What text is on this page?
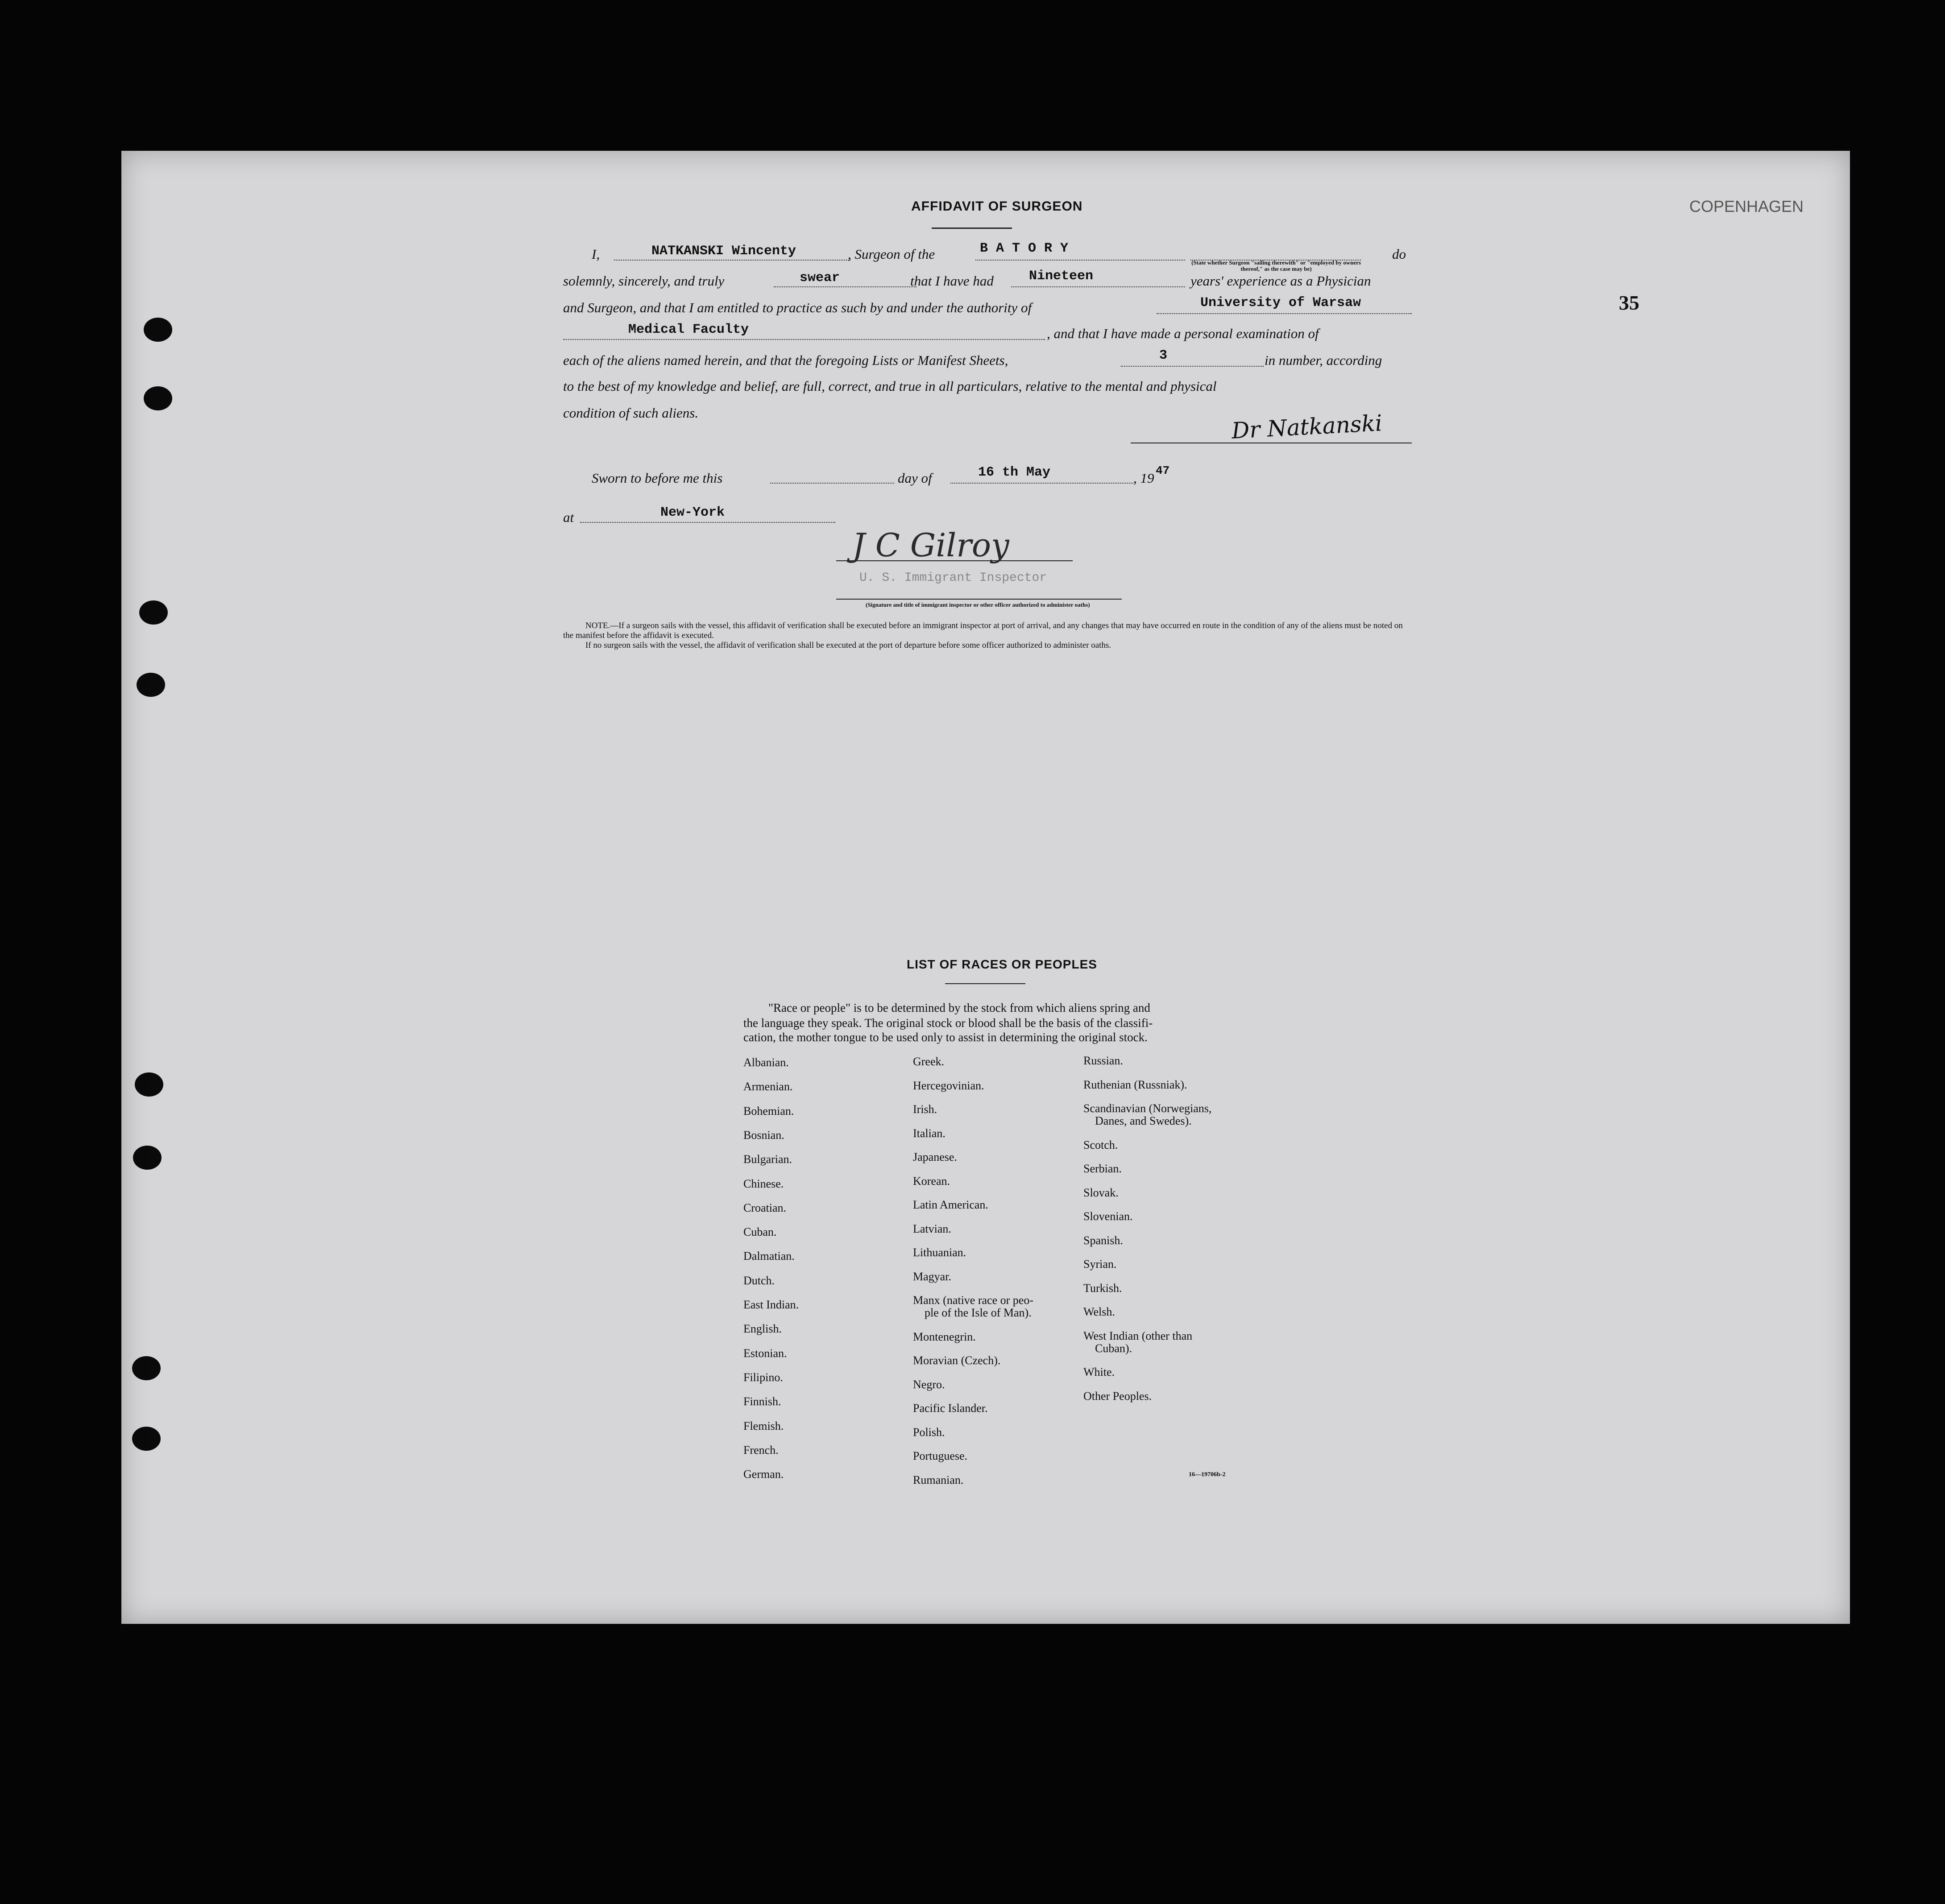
COPENHAGEN
35
AFFIDAVIT OF SURGEON
I,	NATKANSKI Wincenty	, Surgeon of the	B A T O R Y
(State whether Surgeon "sailing therewith" or "employed by owners thereof," as the case may be)
do
solemnly, sincerely, and truly	swear	that I have had	Nineteen	years' experience as a Physician
and Surgeon, and that I am entitled to practice as such by and under the authority of	University of Warsaw
Medical Faculty	, and that I have made a personal examination of
each of the aliens named herein, and that the foregoing Lists or Manifest Sheets,	3	in number, according
to the best of my knowledge and belief, are full, correct, and true in all particulars, relative to the mental and physical
condition of such aliens.	Dr Natkanski
Sworn to before me this	day of	16 th May	, 19 47
at	New-York
J C Gilroy
U. S. Immigrant Inspector
(Signature and title of immigrant inspector or other officer authorized to administer oaths)
NOTE.—If a surgeon sails with the vessel, this affidavit of verification shall be executed before an immigrant inspector at port of arrival, and any changes that may have occurred en route in the condition of any of the aliens must be noted on the manifest before the affidavit is executed.
If no surgeon sails with the vessel, the affidavit of verification shall be executed at the port of departure before some officer authorized to administer oaths.
LIST OF RACES OR PEOPLES
"Race or people" is to be determined by the stock from which aliens spring and
the language they speak. The original stock or blood shall be the basis of the classifi-
cation, the mother tongue to be used only to assist in determining the original stock.
Albanian.
Armenian.
Bohemian.
Bosnian.
Bulgarian.
Chinese.
Croatian.
Cuban.
Dalmatian.
Dutch.
East Indian.
English.
Estonian.
Filipino.
Finnish.
Flemish.
French.
German.
Greek.
Hercegovinian.
Irish.
Italian.
Japanese.
Korean.
Latin American.
Latvian.
Lithuanian.
Magyar.
Manx (native race or peo-
ple of the Isle of Man).
Montenegrin.
Moravian (Czech).
Negro.
Pacific Islander.
Polish.
Portuguese.
Rumanian.
Russian.
Ruthenian (Russniak).
Scandinavian (Norwegians,
Danes, and Swedes).
Scotch.
Serbian.
Slovak.
Slovenian.
Spanish.
Syrian.
Turkish.
Welsh.
West Indian (other than
Cuban).
White.
Other Peoples.
16—19706b-2
